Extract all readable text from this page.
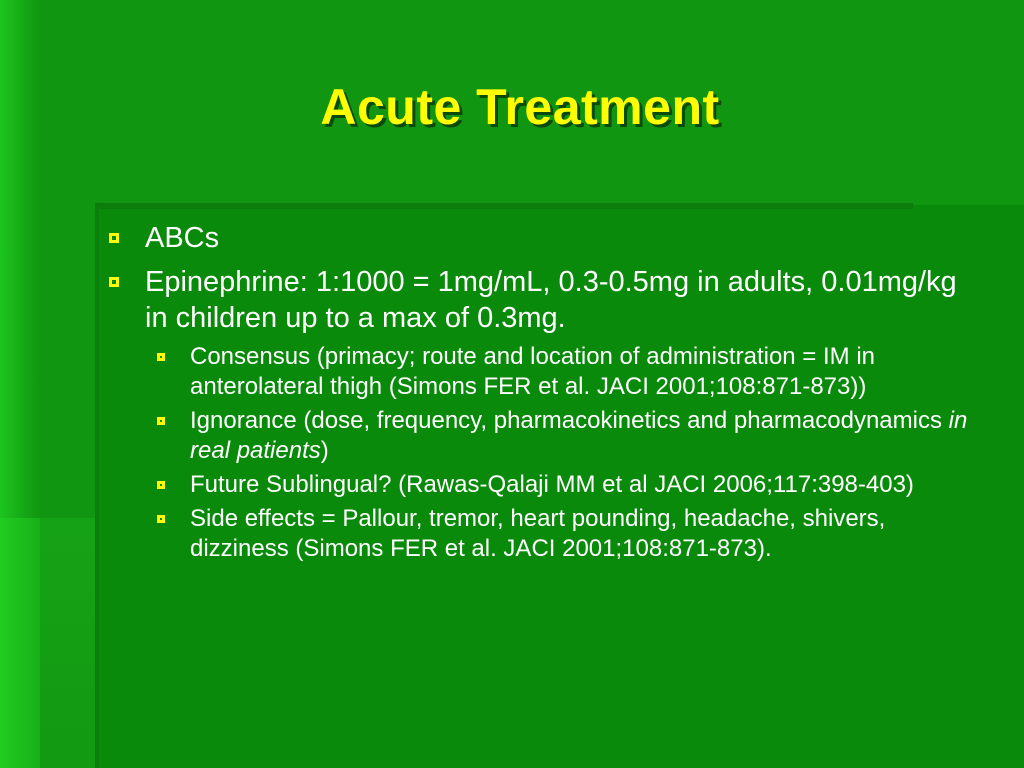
Acute Treatment
ABCs
Epinephrine: 1:1000 = 1mg/mL, 0.3-0.5mg in adults, 0.01mg/kg in children up to a max of 0.3mg.
Consensus (primacy; route and location of administration = IM in anterolateral thigh (Simons FER et al. JACI 2001;108:871-873))
Ignorance (dose, frequency, pharmacokinetics and pharmacodynamics in real patients)
Future Sublingual? (Rawas-Qalaji MM et al JACI 2006;117:398-403)
Side effects = Pallour, tremor, heart pounding, headache, shivers, dizziness (Simons FER et al. JACI 2001;108:871-873).
